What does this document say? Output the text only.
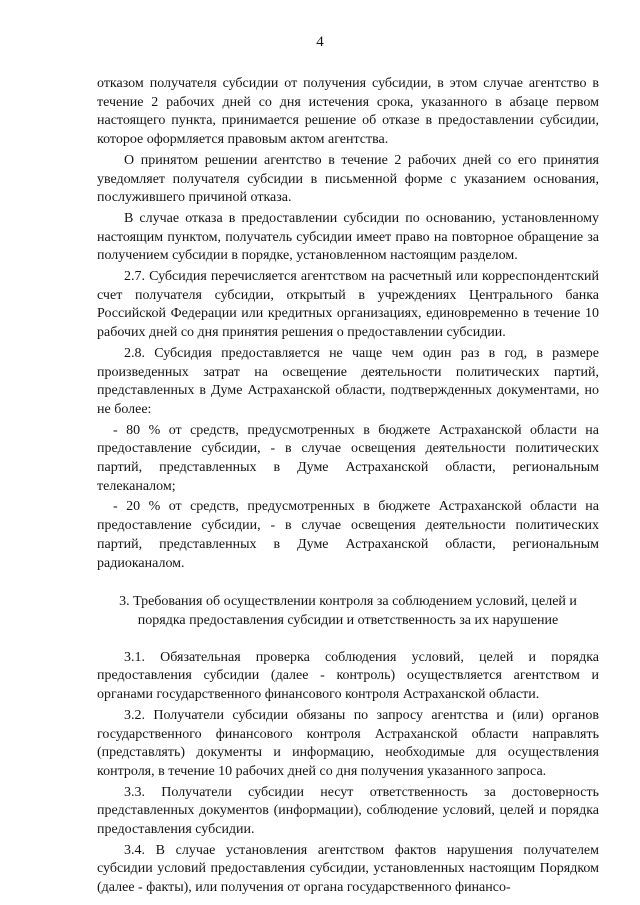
4

отказом получателя субсидии от получения субсидии, в этом случае агентство в течение 2 рабочих дней со дня истечения срока, указанного в абзаце первом настоящего пункта, принимается решение об отказе в предоставлении субсидии, которое оформляется правовым актом агентства.

О принятом решении агентство в течение 2 рабочих дней со его принятия уведомляет получателя субсидии в письменной форме с указанием основания, послужившего причиной отказа.

В случае отказа в предоставлении субсидии по основанию, установленному настоящим пунктом, получатель субсидии имеет право на повторное обращение за получением субсидии в порядке, установленном настоящим разделом.

2.7. Субсидия перечисляется агентством на расчетный или корреспондентский счет получателя субсидии, открытый в учреждениях Центрального банка Российской Федерации или кредитных организациях, единовременно в течение 10 рабочих дней со дня принятия решения о предоставлении субсидии.

2.8. Субсидия предоставляется не чаще чем один раз в год, в размере произведенных затрат на освещение деятельности политических партий, представленных в Думе Астраханской области, подтвержденных документами, но не более:

- 80 % от средств, предусмотренных в бюджете Астраханской области на предоставление субсидии, - в случае освещения деятельности политических партий, представленных в Думе Астраханской области, региональным телеканалом;

- 20 % от средств, предусмотренных в бюджете Астраханской области на предоставление субсидии, - в случае освещения деятельности политических партий, представленных в Думе Астраханской области, региональным радиоканалом.

3. Требования об осуществлении контроля за соблюдением условий, целей и порядка предоставления субсидии и ответственность за их нарушение

3.1. Обязательная проверка соблюдения условий, целей и порядка предоставления субсидии (далее - контроль) осуществляется агентством и органами государственного финансового контроля Астраханской области.

3.2. Получатели субсидии обязаны по запросу агентства и (или) органов государственного финансового контроля Астраханской области направлять (представлять) документы и информацию, необходимые для осуществления контроля, в течение 10 рабочих дней со дня получения указанного запроса.

3.3. Получатели субсидии несут ответственность за достоверность представленных документов (информации), соблюдение условий, целей и порядка предоставления субсидии.

3.4. В случае установления агентством фактов нарушения получателем субсидии условий предоставления субсидии, установленных настоящим Порядком (далее - факты), или получения от органа государственного финансо-
